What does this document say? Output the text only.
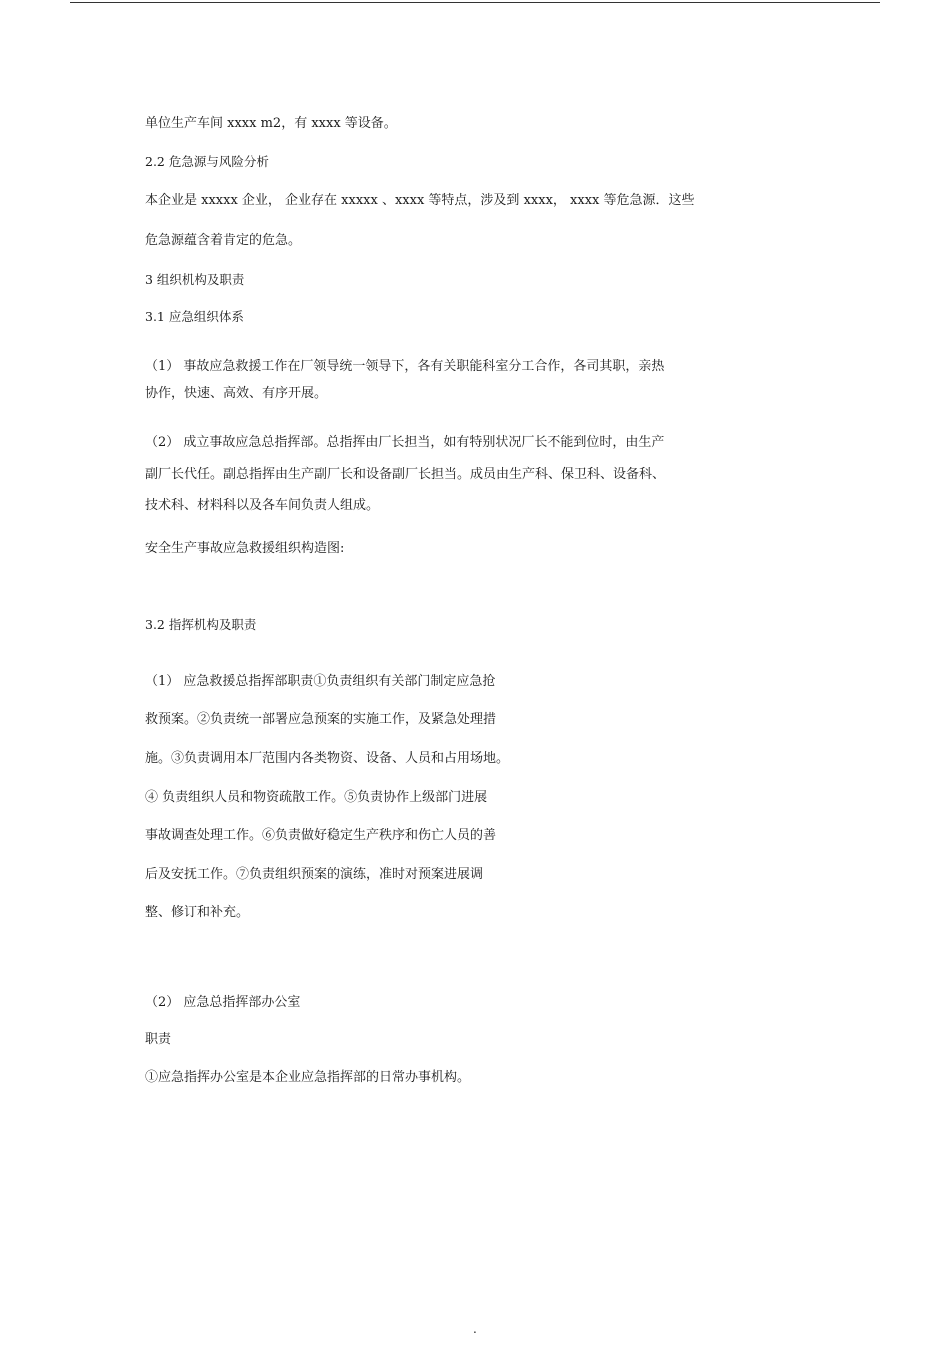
单位生产车间 xxxx m2，有 xxxx 等设备。
2.2 危急源与风险分析
本企业是 xxxxx 企业， 企业存在 xxxxx 、xxxx 等特点，涉及到 xxxx， xxxx 等危急源．这些
危急源蕴含着肯定的危急。
3 组织机构及职责
3.1 应急组织体系
（1） 事故应急救援工作在厂领导统一领导下，各有关职能科室分工合作，各司其职，亲热
协作，快速、高效、有序开展。
（2） 成立事故应急总指挥部。总指挥由厂长担当，如有特别状况厂长不能到位时，由生产
副厂长代任。副总指挥由生产副厂长和设备副厂长担当。成员由生产科、保卫科、设备科、
技术科、材料科以及各车间负责人组成。
安全生产事故应急救援组织构造图:
3.2 指挥机构及职责
（1） 应急救援总指挥部职责①负责组织有关部门制定应急抢
救预案。②负责统一部署应急预案的实施工作，及紧急处理措
施。③负责调用本厂范围内各类物资、设备、人员和占用场地。
④ 负责组织人员和物资疏散工作。⑤负责协作上级部门进展
事故调查处理工作。⑥负责做好稳定生产秩序和伤亡人员的善
后及安抚工作。⑦负责组织预案的演练，准时对预案进展调
整、修订和补充。
（2） 应急总指挥部办公室
职责
①应急指挥办公室是本企业应急指挥部的日常办事机构。
.
